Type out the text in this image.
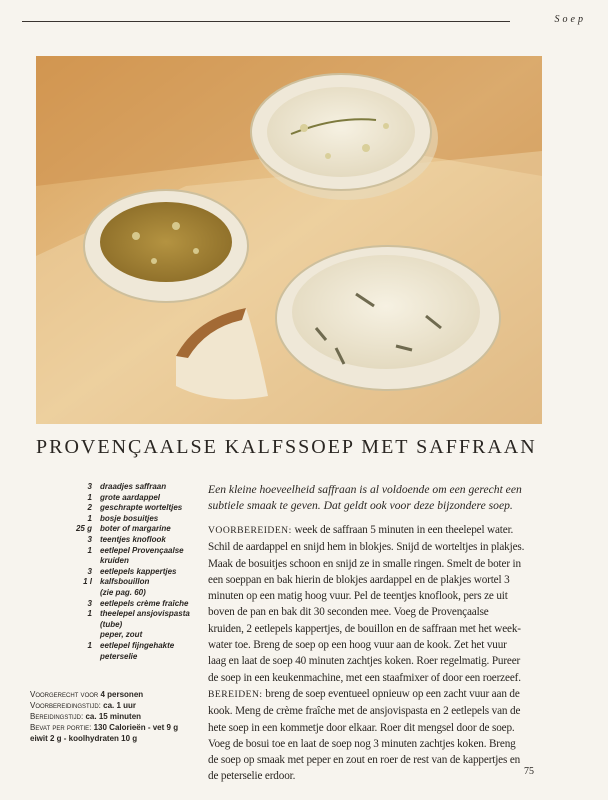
Soep
PROVENÇAALSE KALFSSOEP MET SAFFRAAN
3	draadjes saffraan
1	grote aardappel
2	geschrapte worteltjes
1	bosje bosuitjes
25 g	boter of margarine
3	teentjes knoflook
1	eetlepel Provençaalse
kruiden
3	eetlepels kappertjes
1 l	kalfsbouillon
(zie pag. 60)
3	eetlepels crème fraîche
1	theelepel ansjovispasta
(tube)
peper, zout
1	eetlepel fijngehakte
peterselie
Voorgerecht voor 4 personen
Voorbereidingstijd: ca. 1 uur
Bereidingstijd: ca. 15 minuten
Bevat per portie: 130 Calorieën - vet 9 g
eiwit 2 g - koolhydraten 10 g

Een kleine hoeveelheid saffraan is al voldoende om een gerecht een subtiele smaak te geven. Dat geldt ook voor deze bijzondere soep.

VOORBEREIDEN: week de saffraan 5 minuten in een theelepel water.
Schil de aardappel en snijd hem in blokjes. Snijd de worteltjes in plakjes.
Maak de bosuitjes schoon en snijd ze in smalle ringen. Smelt de boter in
een soeppan en bak hierin de blokjes aardappel en de plakjes wortel 3
minuten op een matig hoog vuur. Pel de teentjes knoflook, pers ze uit
boven de pan en bak dit 30 seconden mee. Voeg de Provençaalse
kruiden, 2 eetlepels kappertjes, de bouillon en de saffraan met het week-
water toe. Breng de soep op een hoog vuur aan de kook. Zet het vuur
laag en laat de soep 40 minuten zachtjes koken. Roer regelmatig. Pureer
de soep in een keukenmachine, met een staafmixer of door een roerzeef.
BEREIDEN: breng de soep eventueel opnieuw op een zacht vuur aan de
kook. Meng de crème fraîche met de ansjovispasta en 2 eetlepels van de
hete soep in een kommetje door elkaar. Roer dit mengsel door de soep.
Voeg de bosui toe en laat de soep nog 3 minuten zachtjes koken. Breng
de soep op smaak met peper en zout en roer de rest van de kappertjes en
de peterselie erdoor.	75
